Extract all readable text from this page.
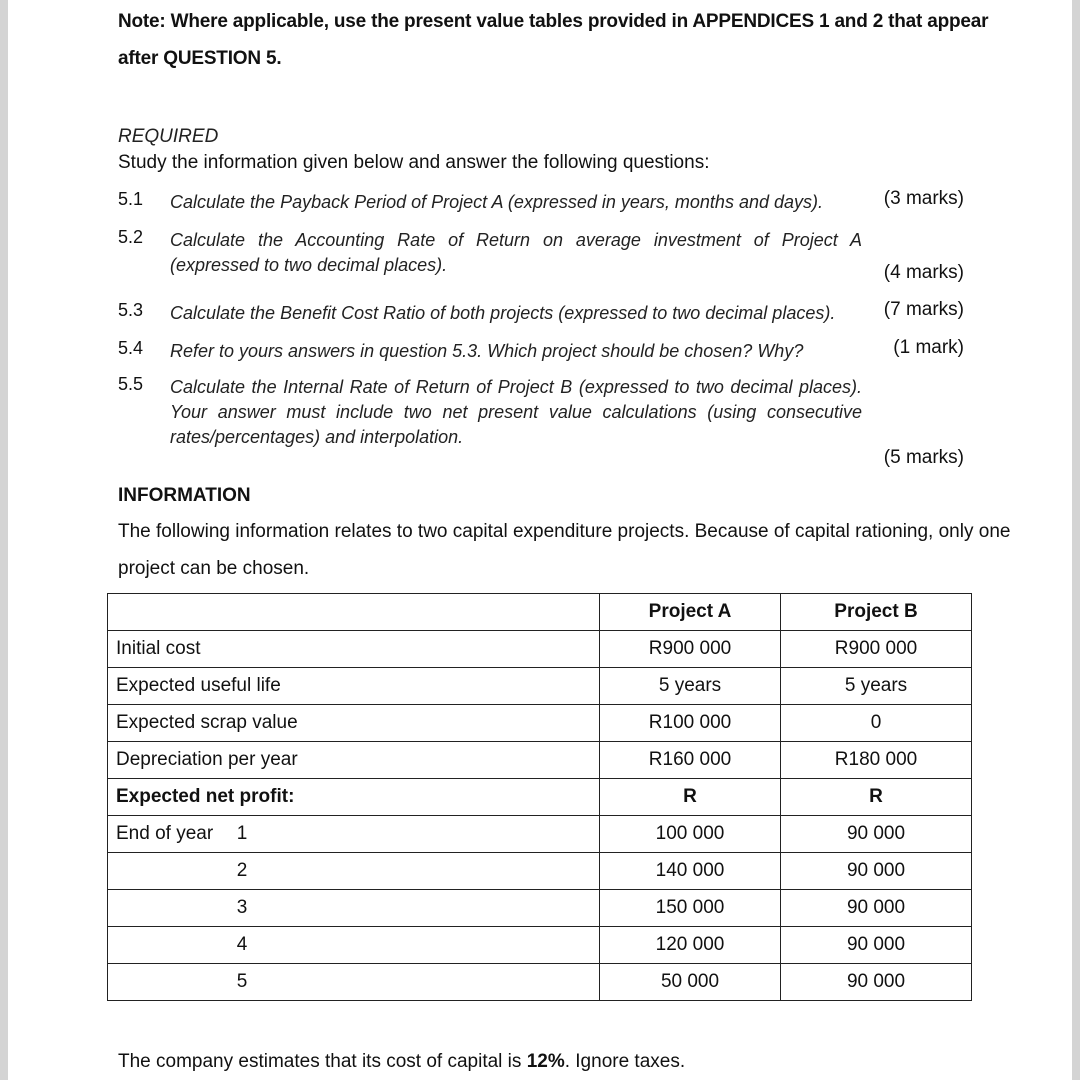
Note: Where applicable, use the present value tables provided in APPENDICES 1 and 2 that appear
after QUESTION 5.
REQUIRED
Study the information given below and answer the following questions:
5.1 Calculate the Payback Period of Project A (expressed in years, months and days).	(3 marks)
5.2 Calculate the Accounting Rate of Return on average investment of Project A (expressed to two decimal places).	(4 marks)
5.3 Calculate the Benefit Cost Ratio of both projects (expressed to two decimal places).	(7 marks)
5.4 Refer to yours answers in question 5.3. Which project should be chosen? Why?	(1 mark)
5.5 Calculate the Internal Rate of Return of Project B (expressed to two decimal places). Your answer must include two net present value calculations (using consecutive rates/percentages) and interpolation.
(5 marks)
INFORMATION
The following information relates to two capital expenditure projects. Because of capital rationing, only one
project can be chosen.
	Project A	Project B
Initial cost	R900 000	R900 000
Expected useful life	5 years	5 years
Expected scrap value	R100 000	0
Depreciation per year	R160 000	R180 000
Expected net profit:	R	R
End of year 1	100 000	90 000
2	140 000	90 000
3	150 000	90 000
4	120 000	90 000
5	50 000	90 000
The company estimates that its cost of capital is 12%. Ignore taxes.
